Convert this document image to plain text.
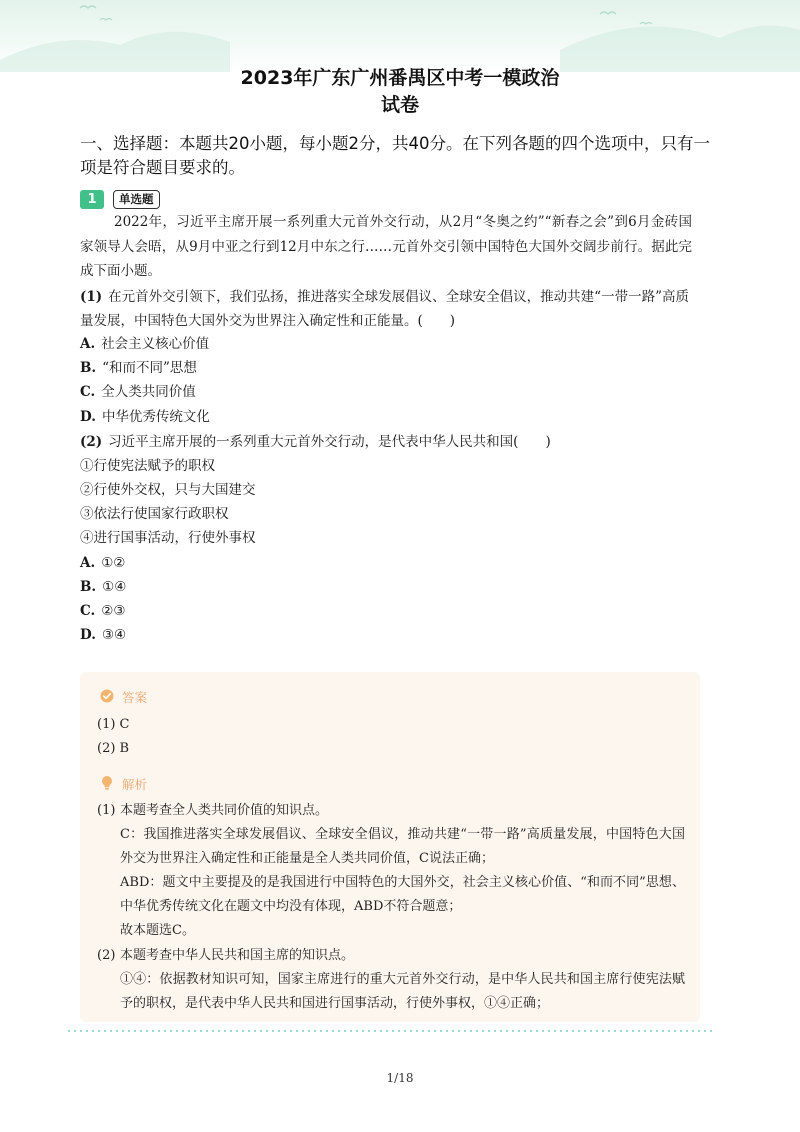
2023年广东广州番禺区中考一模政治
试卷
一、选择题：本题共20小题，每小题2分，共40分。在下列各题的四个选项中，只有一项是符合题目要求的。
1	单选题
2022年，习近平主席开展一系列重大元首外交行动，从2月“冬奥之约”“新春之会”到6月金砖国家领导人会晤，从9月中亚之行到12月中东之行……元首外交引领中国特色大国外交阔步前行。据此完成下面小题。
(1) 在元首外交引领下，我们弘扬，推进落实全球发展倡议、全球安全倡议，推动共建“一带一路”高质量发展，中国特色大国外交为世界注入确定性和正能量。(　　)
A. 社会主义核心价值
B. “和而不同”思想
C. 全人类共同价值
D. 中华优秀传统文化
(2) 习近平主席开展的一系列重大元首外交行动，是代表中华人民共和国(　　)
①行使宪法赋予的职权
②行使外交权，只与大国建交
③依法行使国家行政职权
④进行国事活动，行使外事权
A. ①②
B. ①④
C. ②③
D. ③④
答案
(1) C
(2) B
解析
(1) 本题考查全人类共同价值的知识点。
C：我国推进落实全球发展倡议、全球安全倡议，推动共建“一带一路”高质量发展，中国特色大国外交为世界注入确定性和正能量是全人类共同价值，C说法正确；
ABD：题文中主要提及的是我国进行中国特色的大国外交，社会主义核心价值、“和而不同”思想、中华优秀传统文化在题文中均没有体现，ABD不符合题意；
故本题选C。
(2) 本题考查中华人民共和国主席的知识点。
①④：依据教材知识可知，国家主席进行的重大元首外交行动，是中华人民共和国主席行使宪法赋予的职权，是代表中华人民共和国进行国事活动，行使外事权，①④正确；
1/18
